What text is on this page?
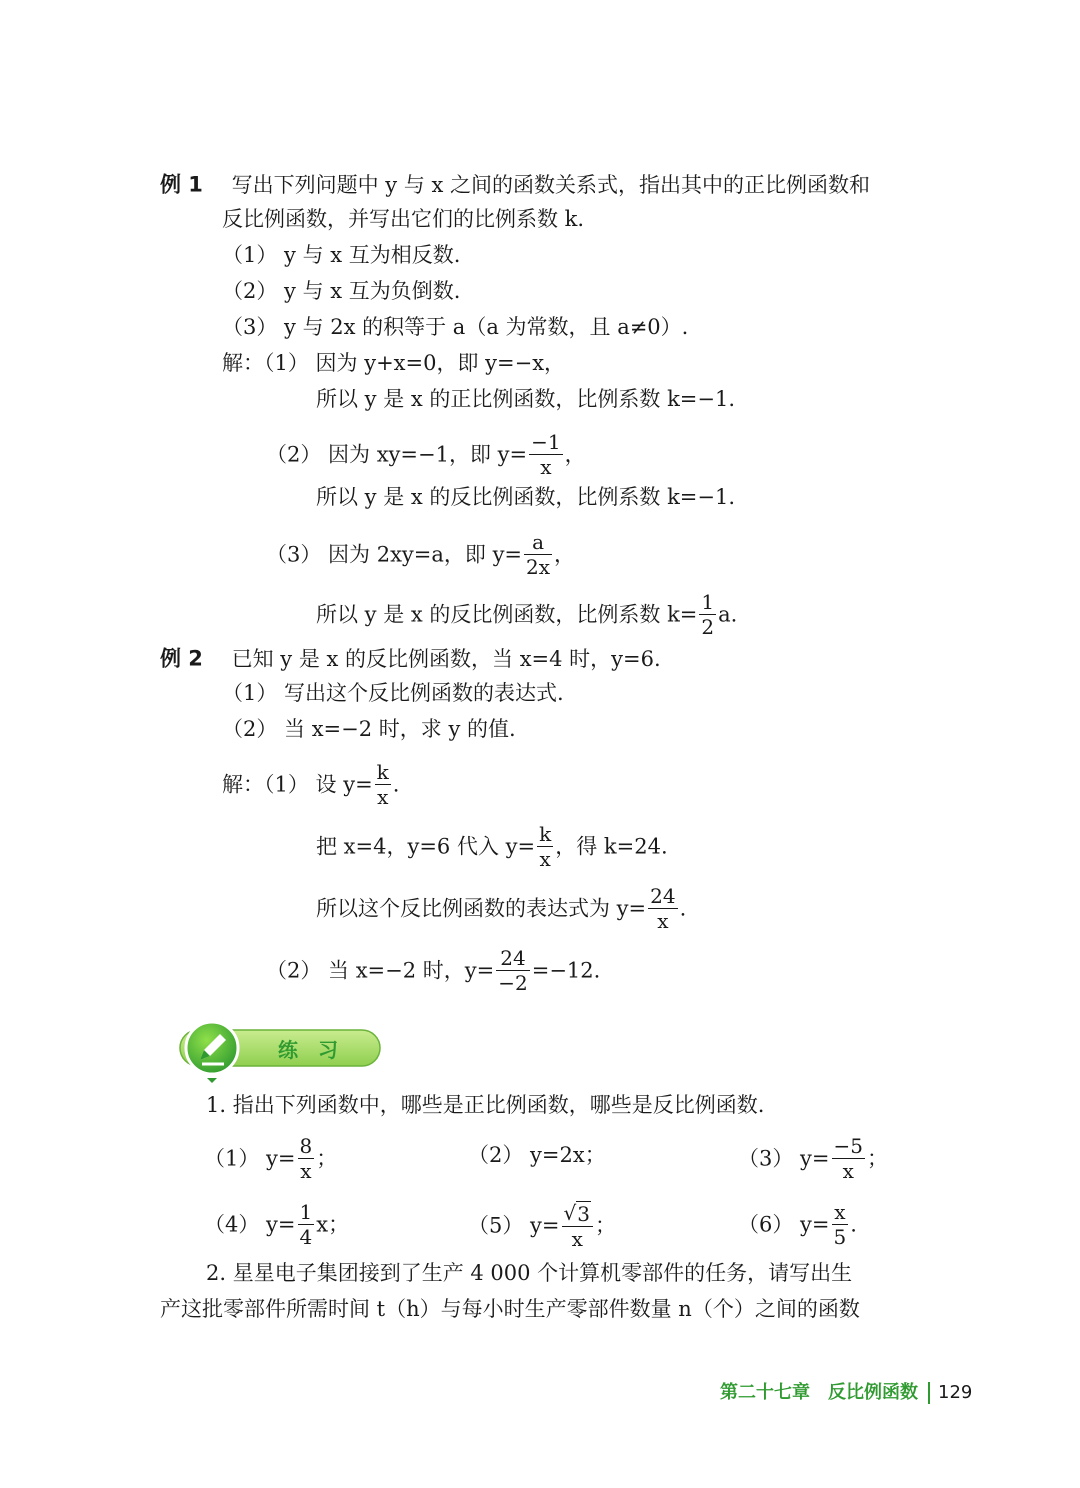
例 1 写出下列问题中 y 与 x 之间的函数关系式，指出其中的正比例函数和
反比例函数，并写出它们的比例系数 k.
（1） y 与 x 互为相反数.
（2） y 与 x 互为负倒数.
（3） y 与 2x 的积等于 a（a 为常数，且 a≠0）.
解：（1） 因为 y+x=0，即 y=−x，
所以 y 是 x 的正比例函数，比例系数 k=−1.
（2） 因为 xy=−1，即 $y= \frac{-1}{x}$ ，
所以 y 是 x 的反比例函数，比例系数 k=−1.
（3） 因为 2xy=a，即 $y= \frac{a}{2x}$ ，
所以 y 是 x 的反比例函数，比例系数 $k= \frac{1}{2} a$.
例 2 已知 y 是 x 的反比例函数，当 x=4 时，y=6.
（1） 写出这个反比例函数的表达式.
（2） 当 x=−2 时，求 y 的值.
解：（1） 设 $y= \frac{k}{x}$ .
把 x=4，y=6 代入 $y= \frac{k}{x}$ ，得 k=24.
所以这个反比例函数的表达式为 $y= \frac{24}{x}$ .
（2） 当 x=−2 时，$y= \frac{24}{-2} =-12$.
练　习
1. 指出下列函数中，哪些是正比例函数，哪些是反比例函数.
（1） $y= \frac{8}{x}$ ；	（2） y=2x；	（3） $y= \frac{-5}{x}$ ；
（4） $y= \frac{1}{4}$ x；	（5） $y= \frac{√3}{x}$ ；	（6） $y= \frac{x}{5}$ .
2. 星星电子集团接到了生产 4 000 个计算机零部件的任务，请写出生
产这批零部件所需时间 t（h）与每小时生产零部件数量 n（个）之间的函数
第二十七章　反比例函数 129
